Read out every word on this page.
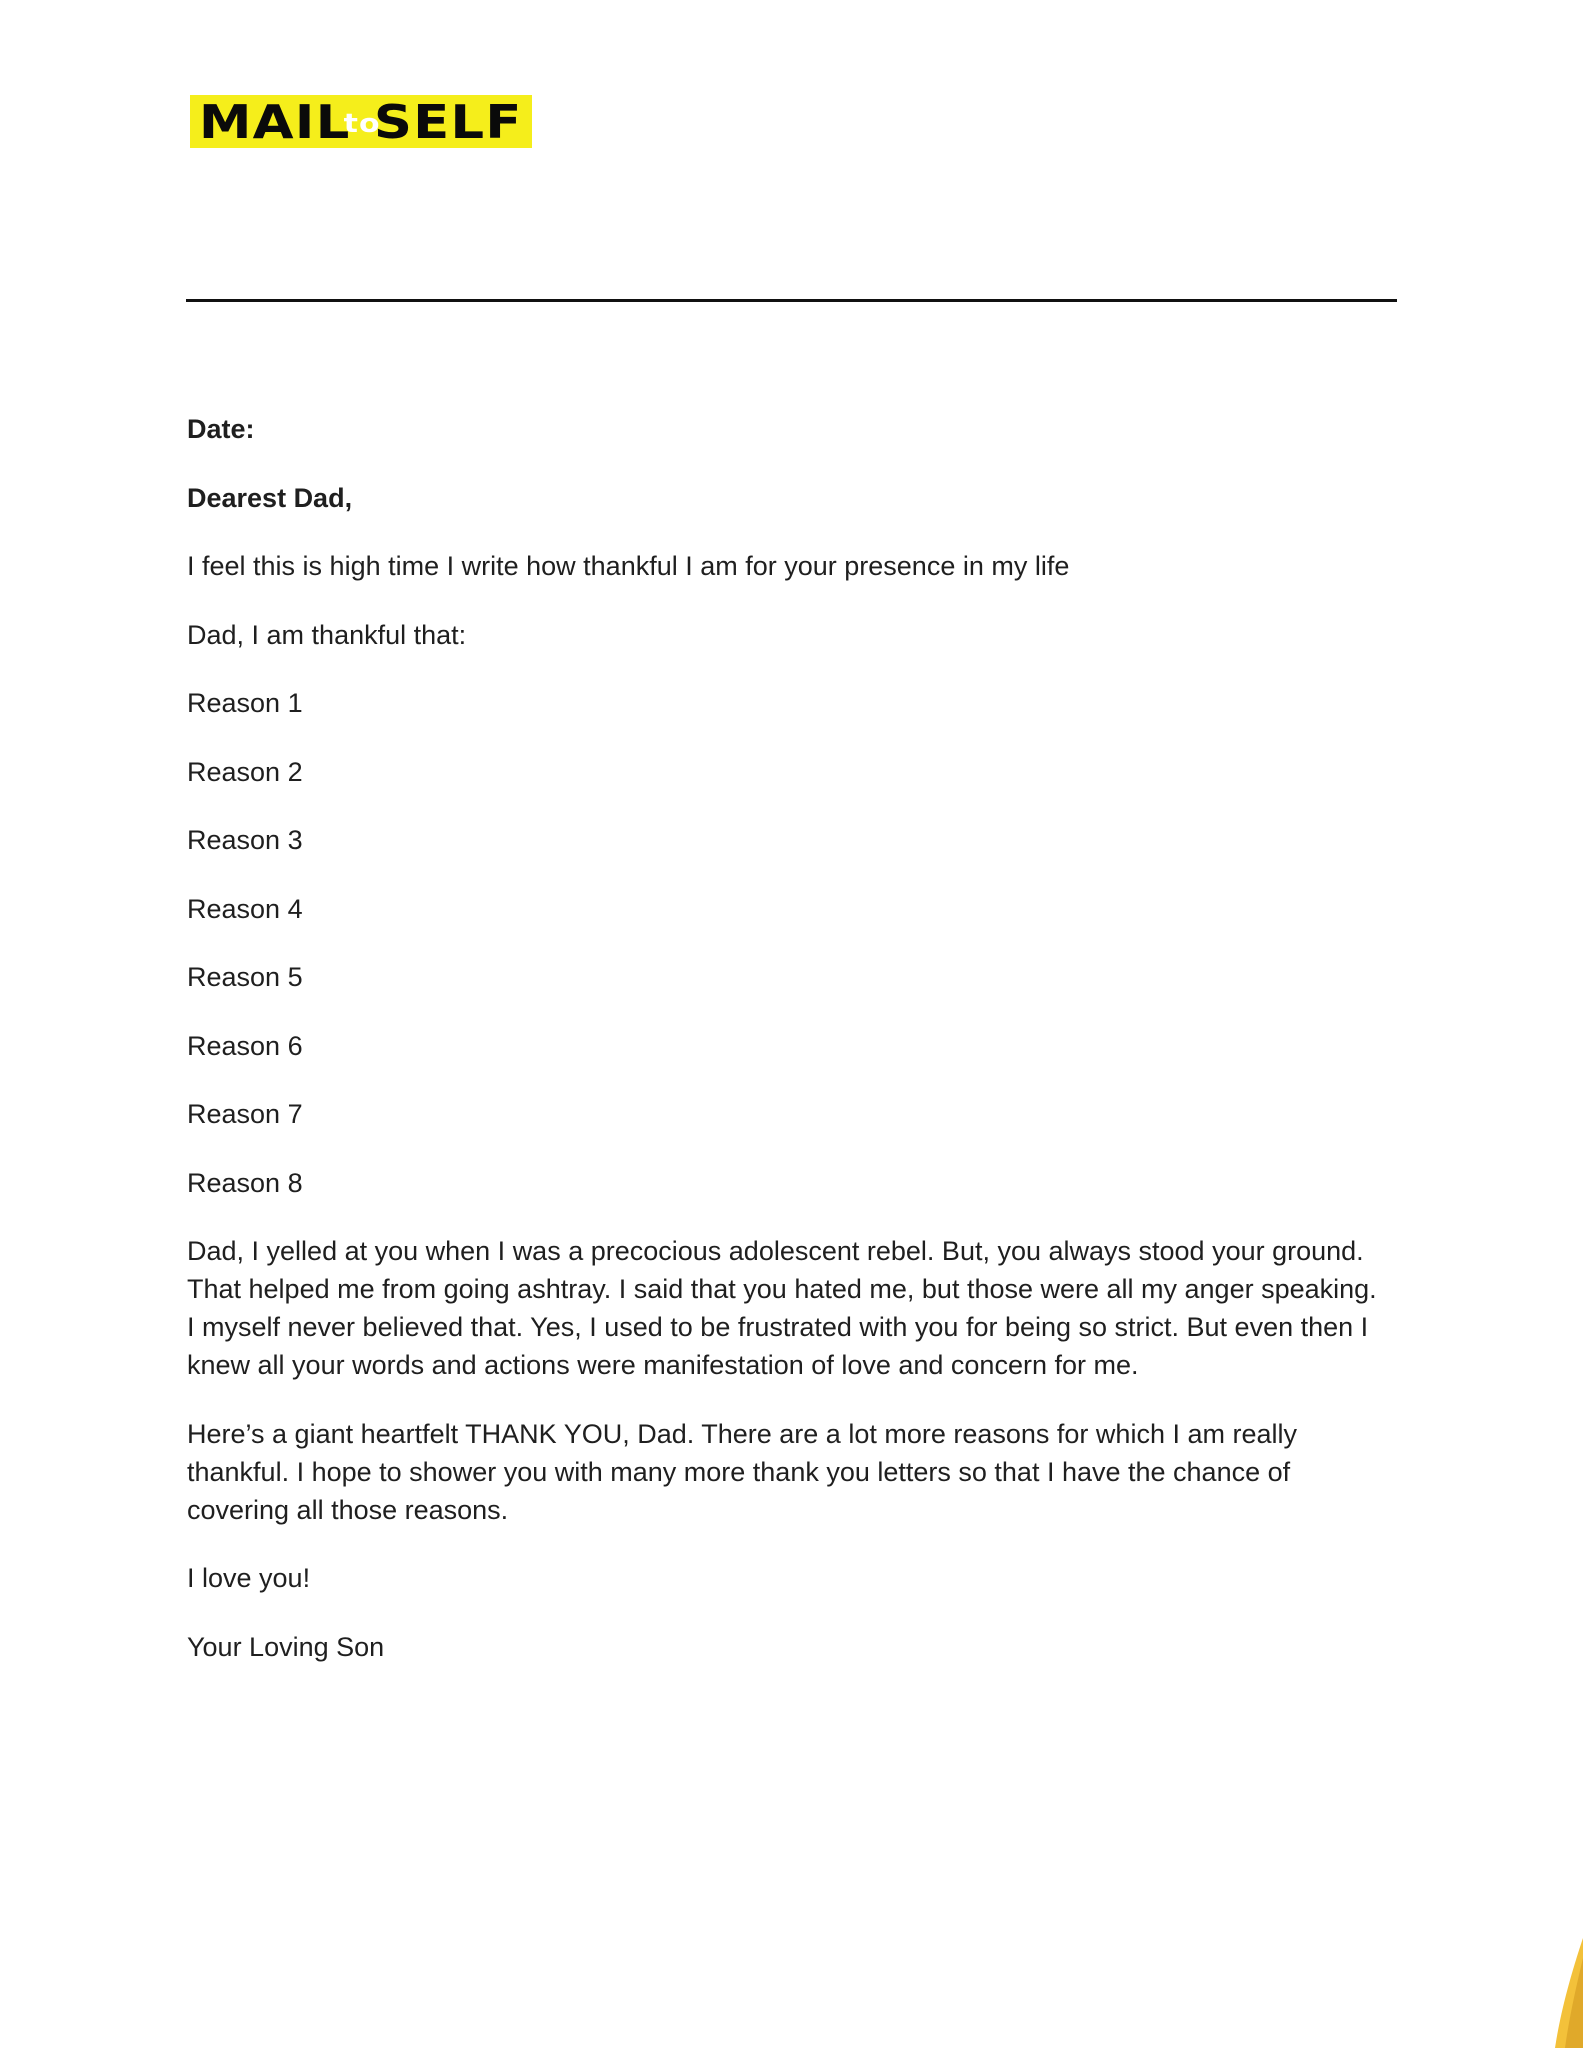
MAIL
to
SELF

Date:

Dearest Dad,

I feel this is high time I write how thankful I am for your presence in my life

Dad, I am thankful that:

Reason 1

Reason 2

Reason 3

Reason 4

Reason 5

Reason 6

Reason 7

Reason 8

Dad, I yelled at you when I was a precocious adolescent rebel. But, you always stood your ground. That helped me from going ashtray. I said that you hated me, but those were all my anger speaking. I myself never believed that. Yes, I used to be frustrated with you for being so strict. But even then I knew all your words and actions were manifestation of love and concern for me.

Here’s a giant heartfelt THANK YOU, Dad. There are a lot more reasons for which I am really thankful. I hope to shower you with many more thank you letters so that I have the chance of covering all those reasons.

I love you!

Your Loving Son
